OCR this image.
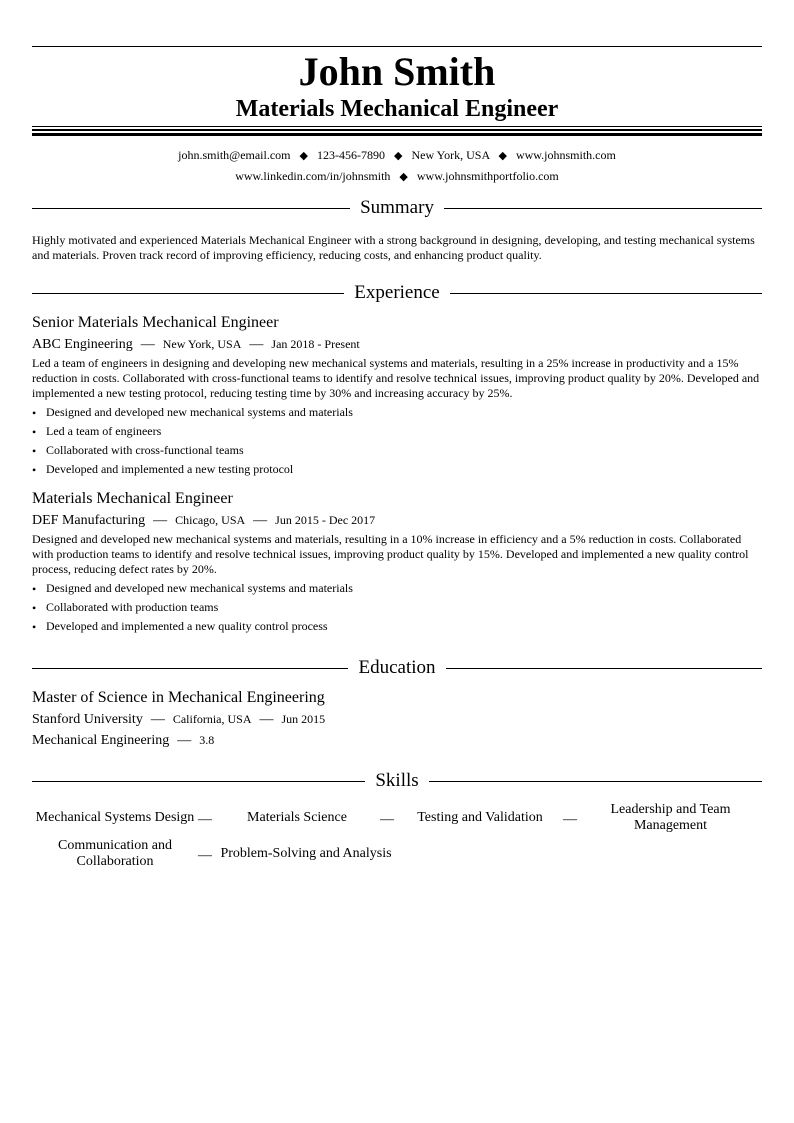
John Smith
Materials Mechanical Engineer
john.smith@email.com ◆ 123-456-7890 ◆ New York, USA ◆ www.johnsmith.com
www.linkedin.com/in/johnsmith ◆ www.johnsmithportfolio.com
Summary
Highly motivated and experienced Materials Mechanical Engineer with a strong background in designing, developing, and testing mechanical systems and materials. Proven track record of improving efficiency, reducing costs, and enhancing product quality.
Experience
Senior Materials Mechanical Engineer
ABC Engineering — New York, USA — Jan 2018 - Present
Led a team of engineers in designing and developing new mechanical systems and materials, resulting in a 25% increase in productivity and a 15% reduction in costs. Collaborated with cross-functional teams to identify and resolve technical issues, improving product quality by 20%. Developed and implemented a new testing protocol, reducing testing time by 30% and increasing accuracy by 25%.
• Designed and developed new mechanical systems and materials
• Led a team of engineers
• Collaborated with cross-functional teams
• Developed and implemented a new testing protocol
Materials Mechanical Engineer
DEF Manufacturing — Chicago, USA — Jun 2015 - Dec 2017
Designed and developed new mechanical systems and materials, resulting in a 10% increase in efficiency and a 5% reduction in costs. Collaborated with production teams to identify and resolve technical issues, improving product quality by 15%. Developed and implemented a new quality control process, reducing defect rates by 20%.
• Designed and developed new mechanical systems and materials
• Collaborated with production teams
• Developed and implemented a new quality control process
Education
Master of Science in Mechanical Engineering
Stanford University — California, USA — Jun 2015
Mechanical Engineering — 3.8
Skills
Mechanical Systems Design —	Materials Science	—	Testing and Validation	—
Leadership and Team Management
Communication and Collaboration	— Problem-Solving and Analysis
